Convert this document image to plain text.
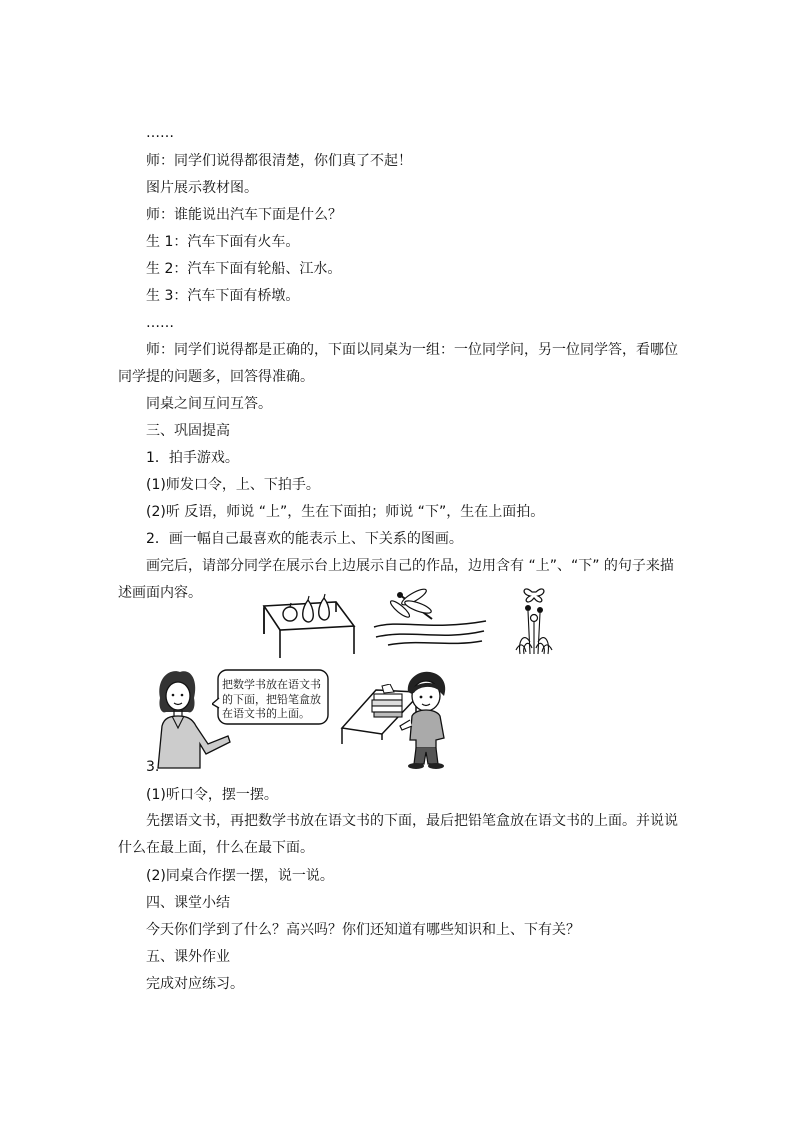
……
师：同学们说得都很清楚，你们真了不起！
图片展示教材图。
师：谁能说出汽车下面是什么？
生 1：汽车下面有火车。
生 2：汽车下面有轮船、江水。
生 3：汽车下面有桥墩。
……
师：同学们说得都是正确的，下面以同桌为一组：一位同学问，另一位同学答，看哪位同学提的问题多，回答得准确。
同桌之间互问互答。
三、巩固提高
1．拍手游戏。
(1)师发口令，上、下拍手。
(2)听 反语，师说 “上”，生在下面拍；师说 “下”，生在上面拍。
2．画一幅自己最喜欢的能表示上、下关系的图画。
画完后，请部分同学在展示台上边展示自己的作品，边用含有 “上”、“下” 的句子来描述画面内容。
把数学书放在语文书的下面，把铅笔盒放在语文书的上面。
3.
(1)听口令，摆一摆。
先摆语文书，再把数学书放在语文书的下面，最后把铅笔盒放在语文书的上面。并说说什么在最上面，什么在最下面。
(2)同桌合作摆一摆，说一说。
四、课堂小结
今天你们学到了什么？高兴吗？你们还知道有哪些知识和上、下有关？
五、课外作业
完成对应练习。
